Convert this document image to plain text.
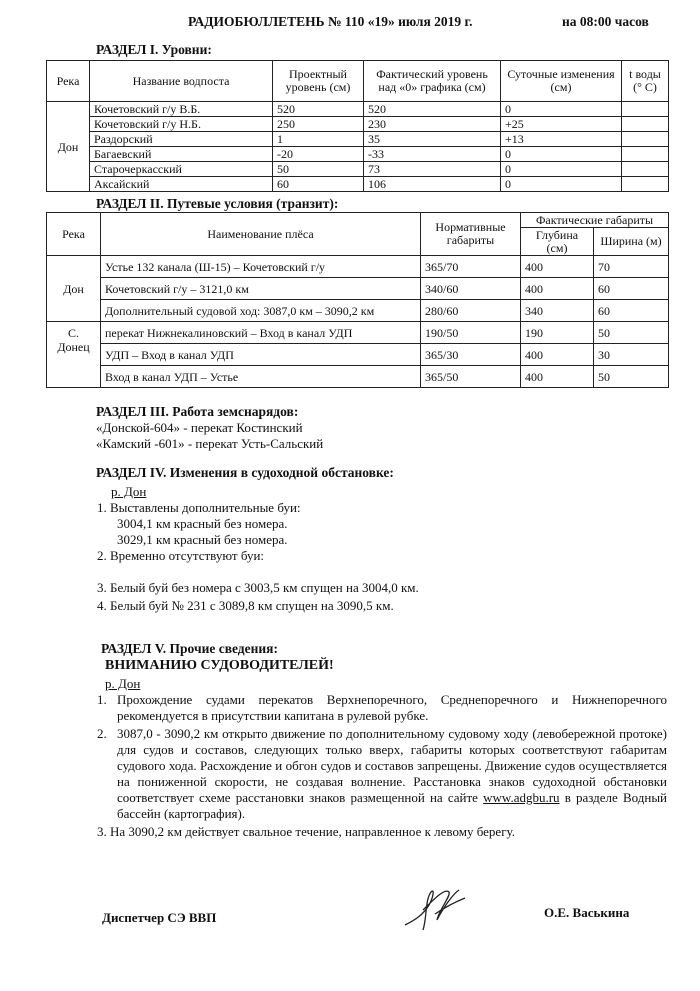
РАДИОБЮЛЛЕТЕНЬ № 110 «19» июля 2019 г.	на 08:00 часов
РАЗДЕЛ I. Уровни:
Река	Название водпоста	Проектный уровень (см)	Фактический уровень над «0» графика (см)	Суточные изменения (см)	t воды (° С)
Дон	Кочетовский г/у В.Б.	520	520	0	
	Кочетовский г/у Н.Б.	250	230	+25	
	Раздорский	1	35	+13	
	Багаевский	-20	-33	0	
	Старочеркасский	50	73	0	
	Аксайский	60	106	0	
РАЗДЕЛ II. Путевые условия (транзит):
Река	Наименование плёса	Нормативные габариты	Фактические габариты	
			Глубина (см)	Ширина (м)
Дон	Устье 132 канала (Ш-15) – Кочетовский г/у	365/70	400	70
	Кочетовский г/у – 3121,0 км	340/60	400	60
	Дополнительный судовой ход: 3087,0 км – 3090,2 км	280/60	340	60
С. Донец	перекат Нижнекалиновский – Вход в канал УДП	190/50	190	50
	УДП – Вход в канал УДП	365/30	400	30
	Вход в канал УДП – Устье	365/50	400	50
РАЗДЕЛ III. Работа земснарядов:
«Донской-604» - перекат Костинский
«Камский -601» - перекат Усть-Сальский
РАЗДЕЛ IV. Изменения в судоходной обстановке:
р. Дон
1. Выставлены дополнительные буи:
3004,1 км красный без номера.
3029,1 км красный без номера.
2. Временно отсутствуют буи:
3. Белый буй без номера с 3003,5 км спущен на 3004,0 км.
4. Белый буй № 231 с 3089,8 км спущен на 3090,5 км.
РАЗДЕЛ V. Прочие сведения:
ВНИМАНИЮ СУДОВОДИТЕЛЕЙ!
р. Дон
1. Прохождение судами перекатов Верхнепоречного, Среднепоречного и Нижнепоречного рекомендуется в присутствии капитана в рулевой рубке.
2. 3087,0 - 3090,2 км открыто движение по дополнительному судовому ходу (левобережной протоке) для судов и составов, следующих только вверх, габариты которых соответствуют габаритам судового хода. Расхождение и обгон судов и составов запрещены. Движение судов осуществляется на пониженной скорости, не создавая волнение. Расстановка знаков судоходной обстановки соответствует схеме расстановки знаков размещенной на сайте www.adgbu.ru в разделе Водный бассейн (картография).
3. На 3090,2 км действует свальное течение, направленное к левому берегу.
Диспетчер СЭ ВВП	О.Е. Васькина
